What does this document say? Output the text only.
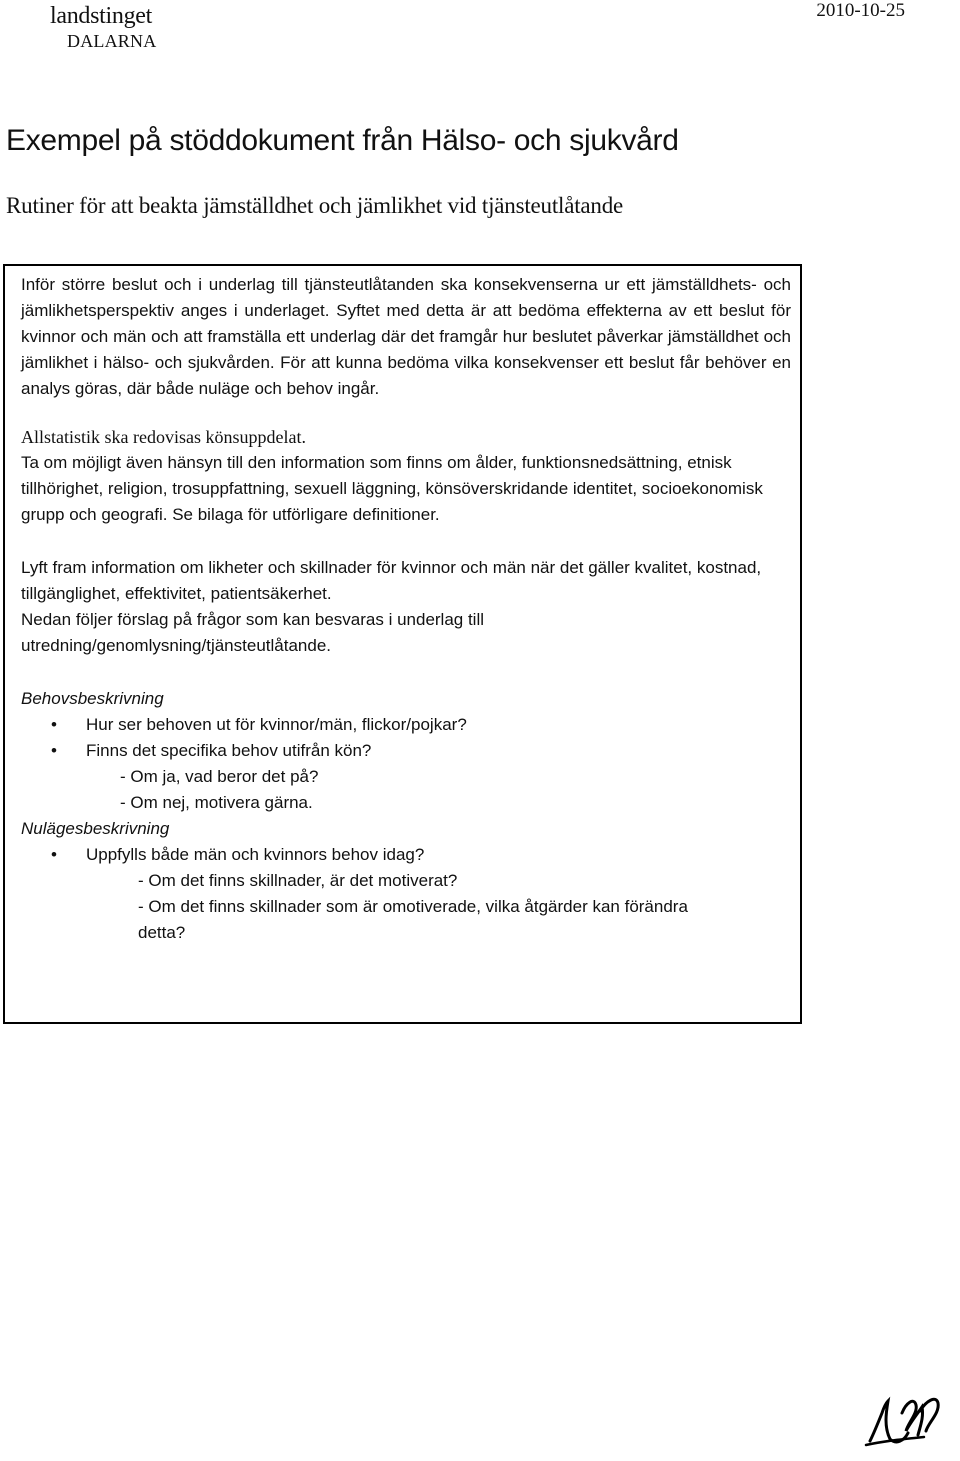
landstinget
DALARNA
2010-10-25
Exempel på stöddokument från Hälso- och sjukvård
Rutiner för att beakta jämställdhet och jämlikhet vid tjänsteutlåtande

Inför större beslut och i underlag till tjänsteutlåtanden ska konsekvenserna ur ett jämställdhets- och jämlikhetsperspektiv anges i underlaget. Syftet med detta är att bedöma effekterna av ett beslut för kvinnor och män och att framställa ett underlag där det framgår hur beslutet påverkar jämställdhet och jämlikhet i hälso- och sjukvården. För att kunna bedöma vilka konsekvenser ett beslut får behöver en analys göras, där både nuläge och behov ingår.

Allstatistik ska redovisas könsuppdelat.

Ta om möjligt även hänsyn till den information som finns om ålder, funktionsnedsättning, etnisk tillhörighet, religion, trosuppfattning, sexuell läggning, könsöverskridande identitet, socioekonomisk grupp och geografi. Se bilaga för utförligare definitioner.

Lyft fram information om likheter och skillnader för kvinnor och män när det gäller kvalitet, kostnad, tillgänglighet, effektivitet, patientsäkerhet.

Nedan följer förslag på frågor som kan besvaras i underlag till utredning/genomlysning/tjänsteutlåtande.

Behovsbeskrivning

• Hur ser behoven ut för kvinnor/män, flickor/pojkar?
• Finns det specifika behov utifrån kön?

- Om ja, vad beror det på?

- Om nej, motivera gärna.

Nulägesbeskrivning

• Uppfylls både män och kvinnors behov idag?

- Om det finns skillnader, är det motiverat?

- Om det finns skillnader som är omotiverade, vilka åtgärder kan förändra

detta?
